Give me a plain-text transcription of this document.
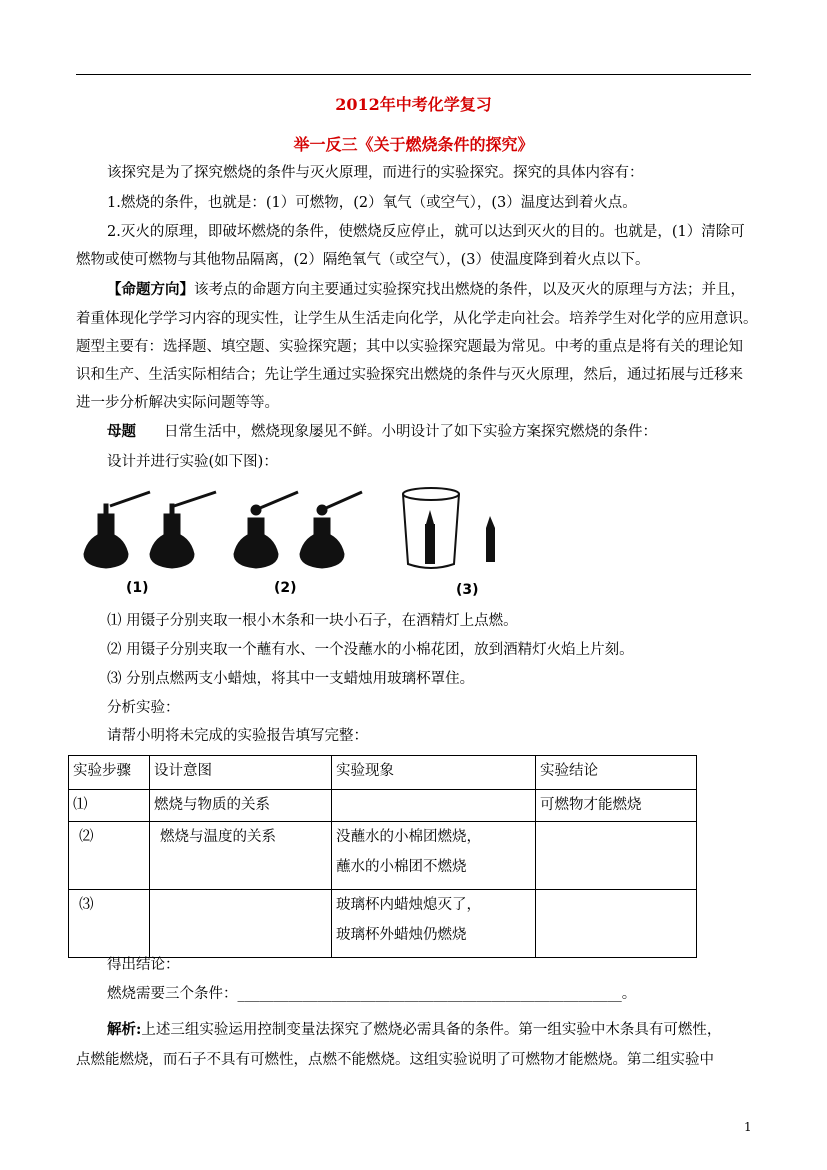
2012年中考化学复习
举一反三《关于燃烧条件的探究》
该探究是为了探究燃烧的条件与灭火原理，而进行的实验探究。探究的具体内容有：
1.燃烧的条件，也就是：(1）可燃物，(2）氧气（或空气），(3）温度达到着火点。
2.灭火的原理，即破坏燃烧的条件，使燃烧反应停止，就可以达到灭火的目的。也就是，(1）清除可
燃物或使可燃物与其他物品隔离，(2）隔绝氧气（或空气），(3）使温度降到着火点以下。
【命题方向】该考点的命题方向主要通过实验探究找出燃烧的条件，以及灭火的原理与方法；并且，
着重体现化学学习内容的现实性，让学生从生活走向化学，从化学走向社会。培养学生对化学的应用意识。
题型主要有：选择题、填空题、实验探究题；其中以实验探究题最为常见。中考的重点是将有关的理论知
识和生产、生活实际相结合；先让学生通过实验探究出燃烧的条件与灭火原理，然后，通过拓展与迁移来
进一步分析解决实际问题等等。
母题 日常生活中，燃烧现象屡见不鲜。小明设计了如下实验方案探究燃烧的条件：
设计并进行实验(如下图)：
(1)	(2)	(3)
⑴ 用镊子分别夹取一根小木条和一块小石子，在酒精灯上点燃。
⑵ 用镊子分别夹取一个蘸有水、一个没蘸水的小棉花团，放到酒精灯火焰上片刻。
⑶ 分别点燃两支小蜡烛，将其中一支蜡烛用玻璃杯罩住。
分析实验：
请帮小明将未完成的实验报告填写完整：
实验步骤	设计意图	实验现象	实验结论
⑴	燃烧与物质的关系		可燃物才能燃烧
⑵	燃烧与温度的关系	没蘸水的小棉团燃烧，
蘸水的小棉团不燃烧	

⑶		玻璃杯内蜡烛熄灭了，
玻璃杯外蜡烛仍燃烧	

得出结论：
燃烧需要三个条件：_____________________________________________________。
解析:上述三组实验运用控制变量法探究了燃烧必需具备的条件。第一组实验中木条具有可燃性，
点燃能燃烧，而石子不具有可燃性，点燃不能燃烧。这组实验说明了可燃物才能燃烧。第二组实验中
1
